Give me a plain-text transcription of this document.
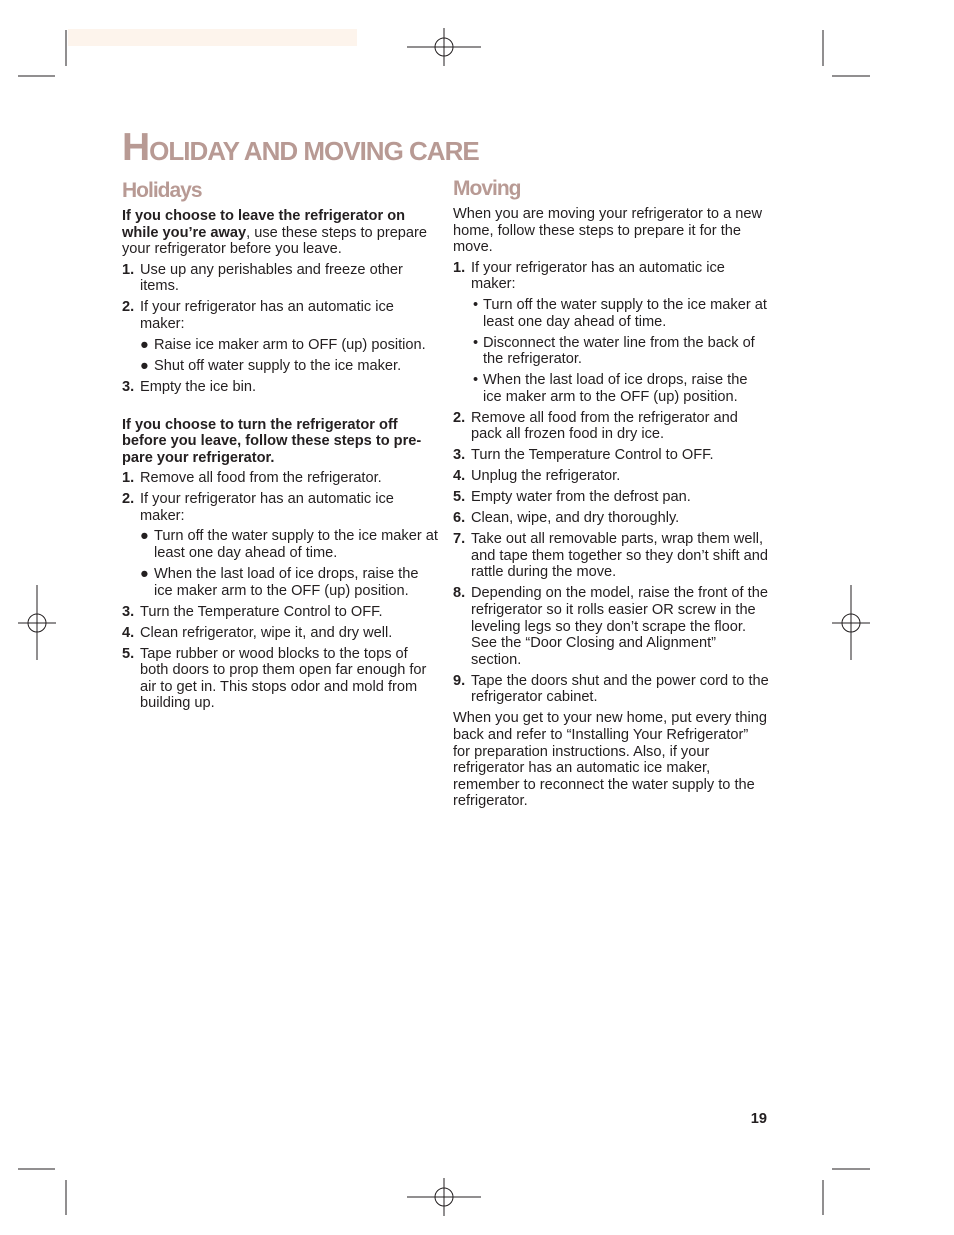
HOLIDAY AND MOVING CARE
Holidays

If you choose to leave the refrigerator on while you’re away, use these steps to prepare your refrigerator before you leave.

1. Use up any perishables and freeze other items.
2. If your refrigerator has an automatic ice maker:
● Raise ice maker arm to OFF (up) position.
● Shut off water supply to the ice maker.
3. Empty the ice bin.

If you choose to turn the refrigerator off before you leave, follow these steps to pre- pare your refrigerator.

1. Remove all food from the refrigerator.
2. If your refrigerator has an automatic ice maker:
● Turn off the water supply to the ice maker at least one day ahead of time.
● When the last load of ice drops, raise the ice maker arm to the OFF (up) position.
3. Turn the Temperature Control to OFF.
4. Clean refrigerator, wipe it, and dry well.
5. Tape rubber or wood blocks to the tops of both doors to prop them open far enough for air to get in. This stops odor and mold from building up.
Moving

When you are moving your refrigerator to a new home, follow these steps to prepare it for the move.

1. If your refrigerator has an automatic ice maker:
• Turn off the water supply to the ice maker at least one day ahead of time.
• Disconnect the water line from the back of the refrigerator.
• When the last load of ice drops, raise the ice maker arm to the OFF (up) position.
2. Remove all food from the refrigerator and pack all frozen food in dry ice.
3. Turn the Temperature Control to OFF.
4. Unplug the refrigerator.
5. Empty water from the defrost pan.
6. Clean, wipe, and dry thoroughly.
7. Take out all removable parts, wrap them well, and tape them together so they don’t shift and rattle during the move.
8. Depending on the model, raise the front of the refrigerator so it rolls easier OR screw in the leveling legs so they don’t scrape the floor. See the “Door Closing and Alignment” section.
9. Tape the doors shut and the power cord to the refrigerator cabinet.

When you get to your new home, put every thing back and refer to “Installing Your Refrigerator” for preparation instructions. Also, if your refrigerator has an automatic ice maker, remember to reconnect the water supply to the refrigerator.

19
